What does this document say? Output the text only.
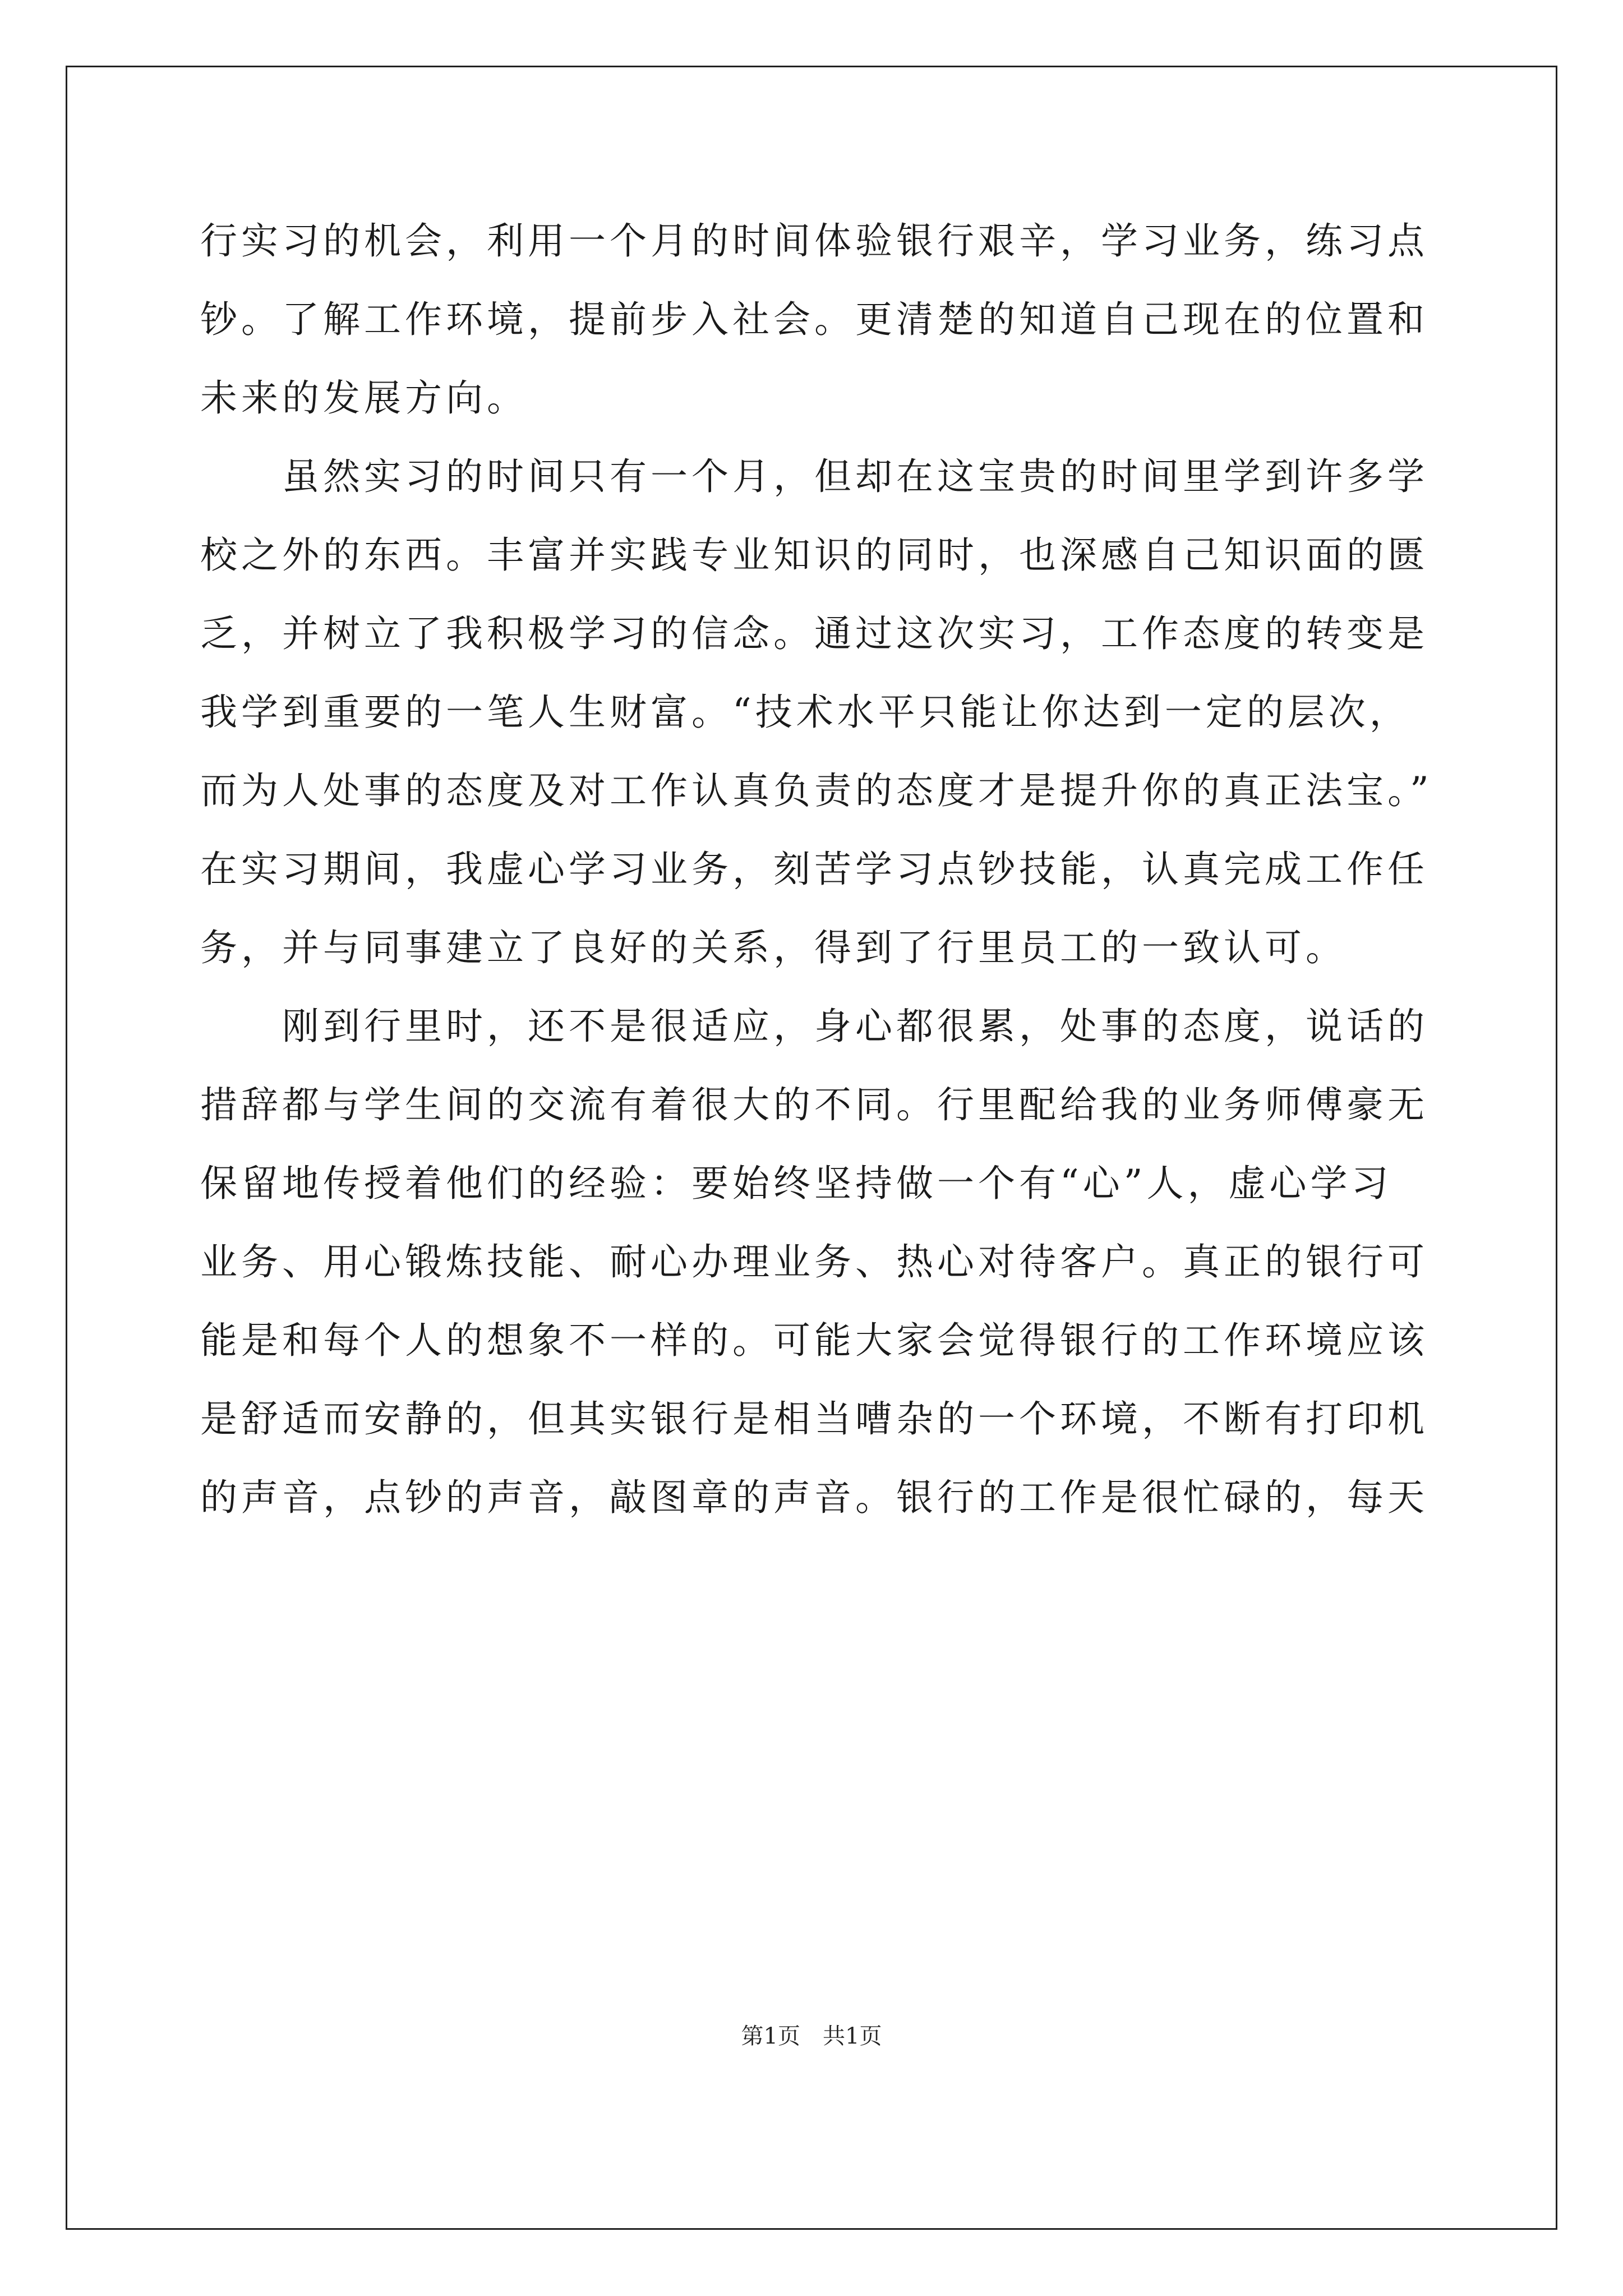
行实习的机会，利用一个月的时间体验银行艰辛，学习业务，练习点
钞。了解工作环境，提前步入社会。更清楚的知道自己现在的位置和
未来的发展方向。
　　虽然实习的时间只有一个月，但却在这宝贵的时间里学到许多学
校之外的东西。丰富并实践专业知识的同时，也深感自己知识面的匮
乏，并树立了我积极学习的信念。通过这次实习，工作态度的转变是
我学到重要的一笔人生财富。“技术水平只能让你达到一定的层次，
而为人处事的态度及对工作认真负责的态度才是提升你的真正法宝。”
在实习期间，我虚心学习业务，刻苦学习点钞技能，认真完成工作任
务，并与同事建立了良好的关系，得到了行里员工的一致认可。
　　刚到行里时，还不是很适应，身心都很累，处事的态度，说话的
措辞都与学生间的交流有着很大的不同。行里配给我的业务师傅豪无
保留地传授着他们的经验：要始终坚持做一个有“心”人，虚心学习
业务、用心锻炼技能、耐心办理业务、热心对待客户。真正的银行可
能是和每个人的想象不一样的。可能大家会觉得银行的工作环境应该
是舒适而安静的，但其实银行是相当嘈杂的一个环境，不断有打印机
的声音，点钞的声音，敲图章的声音。银行的工作是很忙碌的，每天
第1页　共1页
